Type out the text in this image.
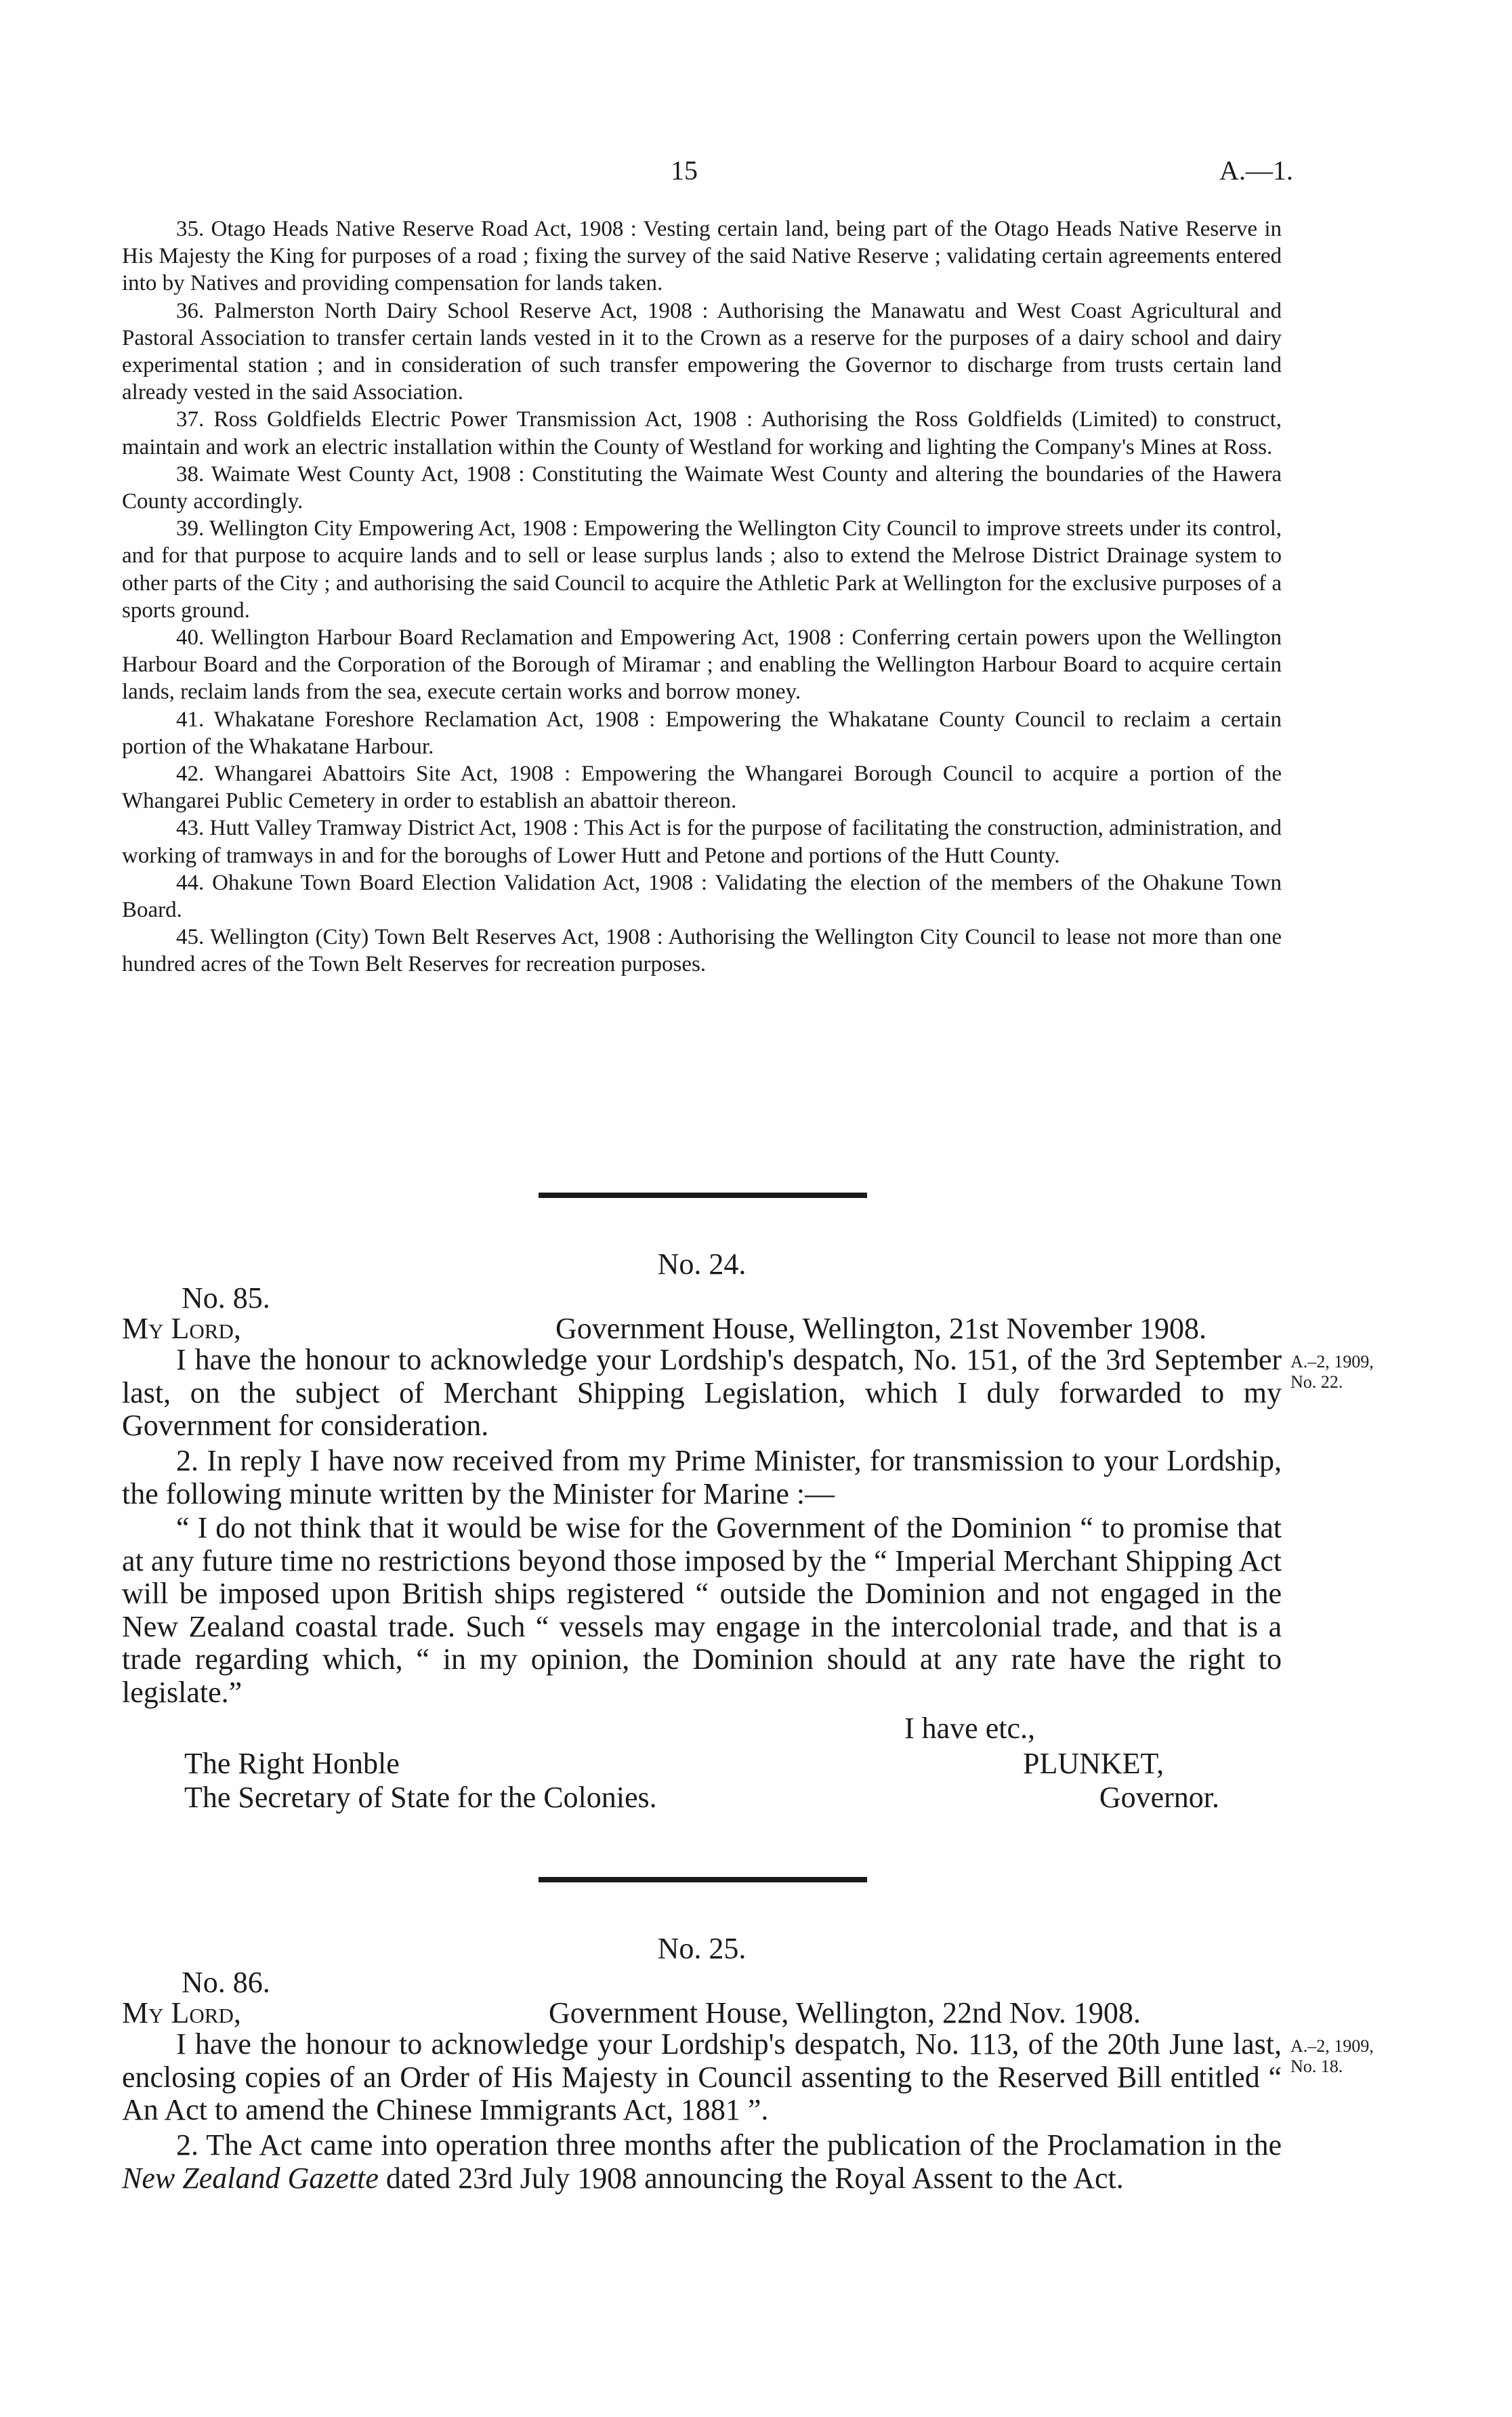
15	A.—1.

35. Otago Heads Native Reserve Road Act, 1908 : Vesting certain land, being part of the Otago Heads Native Reserve in His Majesty the King for purposes of a road ; fixing the survey of the said Native Reserve ; validating certain agreements entered into by Natives and providing compensation for lands taken.

36. Palmerston North Dairy School Reserve Act, 1908 : Authorising the Manawatu and West Coast Agricultural and Pastoral Association to transfer certain lands vested in it to the Crown as a reserve for the purposes of a dairy school and dairy experimental station ; and in consideration of such transfer empowering the Governor to discharge from trusts certain land already vested in the said Association.

37. Ross Goldfields Electric Power Transmission Act, 1908 : Authorising the Ross Goldfields (Limited) to construct, maintain and work an electric installation within the County of Westland for working and lighting the Company's Mines at Ross.

38. Waimate West County Act, 1908 : Constituting the Waimate West County and altering the boundaries of the Hawera County accordingly.

39. Wellington City Empowering Act, 1908 : Empowering the Wellington City Council to improve streets under its control, and for that purpose to acquire lands and to sell or lease surplus lands ; also to extend the Melrose District Drainage system to other parts of the City ; and authorising the said Council to acquire the Athletic Park at Wellington for the exclusive purposes of a sports ground.

40. Wellington Harbour Board Reclamation and Empowering Act, 1908 : Conferring certain powers upon the Wellington Harbour Board and the Corporation of the Borough of Miramar ; and enabling the Wellington Harbour Board to acquire certain lands, reclaim lands from the sea, execute certain works and borrow money.

41. Whakatane Foreshore Reclamation Act, 1908 : Empowering the Whakatane County Council to reclaim a certain portion of the Whakatane Harbour.

42. Whangarei Abattoirs Site Act, 1908 : Empowering the Whangarei Borough Council to acquire a portion of the Whangarei Public Cemetery in order to establish an abattoir thereon.

43. Hutt Valley Tramway District Act, 1908 : This Act is for the purpose of facilitating the construction, administration, and working of tramways in and for the boroughs of Lower Hutt and Petone and portions of the Hutt County.

44. Ohakune Town Board Election Validation Act, 1908 : Validating the election of the members of the Ohakune Town Board.

45. Wellington (City) Town Belt Reserves Act, 1908 : Authorising the Wellington City Council to lease not more than one hundred acres of the Town Belt Reserves for recreation purposes.

No. 24.
No. 85.
My Lord,	Government House, Wellington, 21st November 1908.
I have the honour to acknowledge your Lordship's despatch, No. 151, of the 3rd September last, on the subject of Merchant Shipping Legislation, which I duly forwarded to my Government for consideration.
A.–2, 1909,
No. 22.
2. In reply I have now received from my Prime Minister, for transmission to your Lordship, the following minute written by the Minister for Marine :—
“ I do not think that it would be wise for the Government of the Dominion “ to promise that at any future time no restrictions beyond those imposed by the “ Imperial Merchant Shipping Act will be imposed upon British ships registered “ outside the Dominion and not engaged in the New Zealand coastal trade. Such “ vessels may engage in the intercolonial trade, and that is a trade regarding which, “ in my opinion, the Dominion should at any rate have the right to legislate.”
I have etc.,
The Right Honble
The Secretary of State for the Colonies.
PLUNKET,
Governor.
No. 25.
No. 86.
My Lord,	Government House, Wellington, 22nd Nov. 1908.
I have the honour to acknowledge your Lordship's despatch, No. 113, of the 20th June last, enclosing copies of an Order of His Majesty in Council assenting to the Reserved Bill entitled “ An Act to amend the Chinese Immigrants Act, 1881 ”.
A.–2, 1909,
No. 18.
2. The Act came into operation three months after the publication of the Proclamation in the New Zealand Gazette dated 23rd July 1908 announcing the Royal Assent to the Act.
